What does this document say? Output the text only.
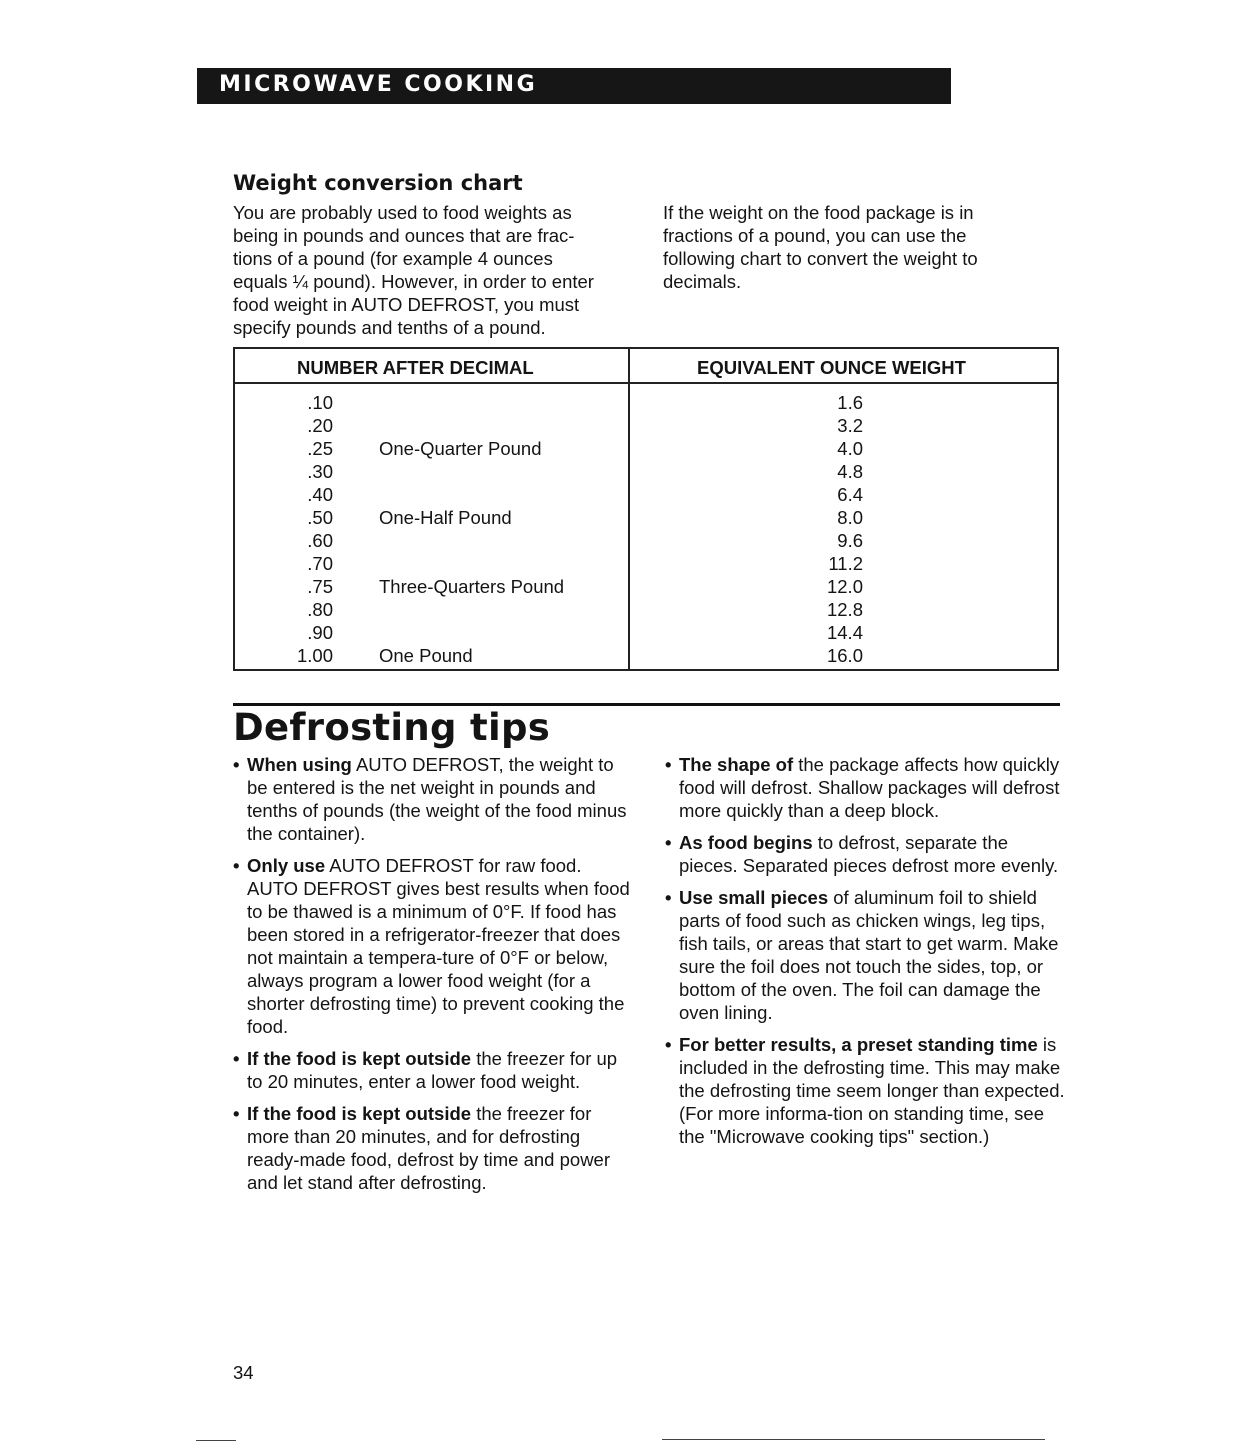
MICROWAVE COOKING
Weight conversion chart

You are probably used to food weights as
being in pounds and ounces that are frac-
tions of a pound (for example 4 ounces
equals ¼ pound). However, in order to enter
food weight in AUTO DEFROST, you must
specify pounds and tenths of a pound.

If the weight on the food package is in
fractions of a pound, you can use the
following chart to convert the weight to
decimals.

NUMBER AFTER DECIMAL	EQUIVALENT OUNCE WEIGHT
.10	1.6
.20	3.2
.25 One-Quarter Pound	4.0
.30	4.8
.40	6.4
.50 One-Half Pound	8.0
.60	9.6
.70	11.2
.75 Three-Quarters Pound	12.0
.80	12.8
.90	14.4
1.00 One Pound	16.0
Defrosting tips
• When using AUTO DEFROST, the weight to be entered is the net weight in pounds and tenths of pounds (the weight of the food minus the container).
• Only use AUTO DEFROST for raw food. AUTO DEFROST gives best results when food to be thawed is a minimum of 0°F. If food has been stored in a refrigerator-freezer that does not maintain a tempera-ture of 0°F or below, always program a lower food weight (for a shorter defrosting time) to prevent cooking the food.
• If the food is kept outside the freezer for up to 20 minutes, enter a lower food weight.
• If the food is kept outside the freezer for more than 20 minutes, and for defrosting ready-made food, defrost by time and power and let stand after defrosting.
• The shape of the package affects how quickly food will defrost. Shallow packages will defrost more quickly than a deep block.
• As food begins to defrost, separate the pieces. Separated pieces defrost more evenly.
• Use small pieces of aluminum foil to shield parts of food such as chicken wings, leg tips, fish tails, or areas that start to get warm. Make sure the foil does not touch the sides, top, or bottom of the oven. The foil can damage the oven lining.
• For better results, a preset standing time is included in the defrosting time. This may make the defrosting time seem longer than expected. (For more informa-tion on standing time, see the "Microwave cooking tips" section.)
34
